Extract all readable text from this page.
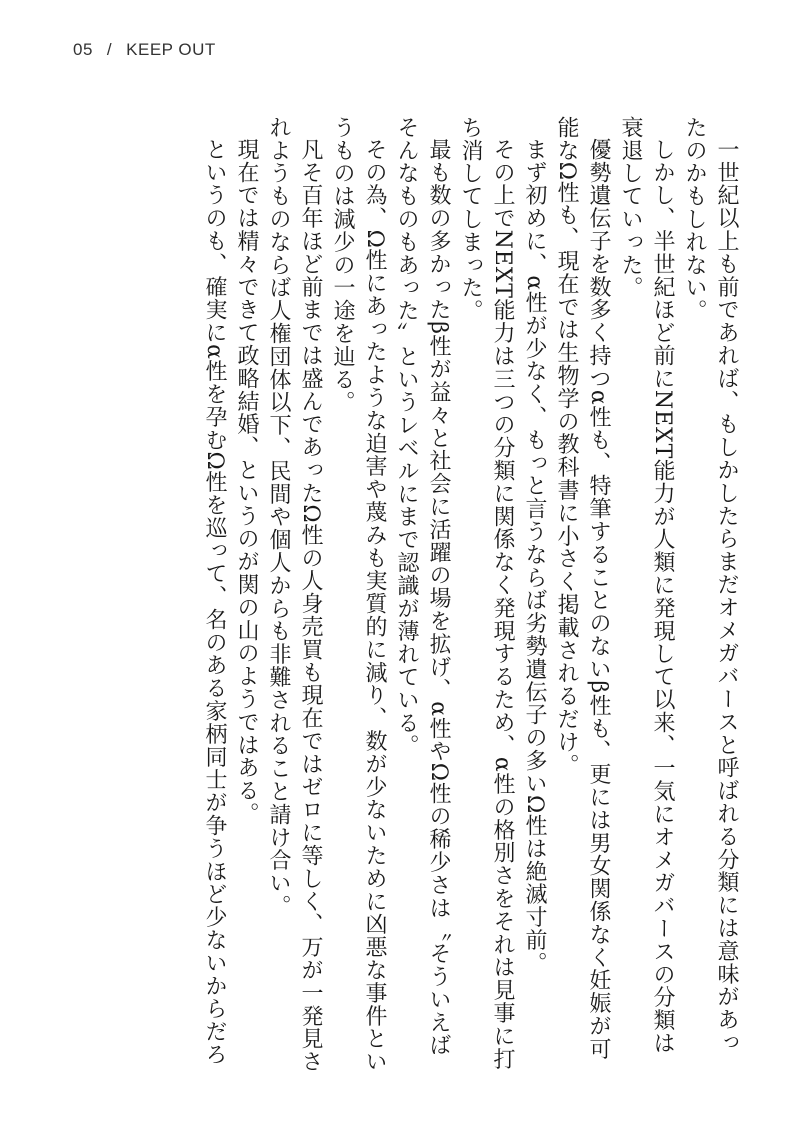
05 / KEEP OUT

一世紀以上も前であれば、もしかしたらまだオメガバースと呼ばれる分類には意味があったのかもしれない。

しかし、半世紀ほど前にNEXT能力が人類に発現して以来、一気にオメガバースの分類は衰退していった。

優勢遺伝子を数多く持つα性も、特筆することのないβ性も、更には男女関係なく妊娠が可能なΩ性も、現在では生物学の教科書に小さく掲載されるだけ。

まず初めに、α性が少なく、もっと言うならば劣勢遺伝子の多いΩ性は絶滅寸前。

その上でNEXT能力は三つの分類に関係なく発現するため、α性の格別さをそれは見事に打ち消してしまった。

最も数の多かったβ性が益々と社会に活躍の場を拡げ、α性やΩ性の稀少さは〝そういえばそんなものもあった〟というレベルにまで認識が薄れている。

その為、Ω性にあったような迫害や蔑みも実質的に減り、数が少ないために凶悪な事件というものは減少の一途を辿る。

凡そ百年ほど前までは盛んであったΩ性の人身売買も現在ではゼロに等しく、万が一発見されようものならば人権団体以下、民間や個人からも非難されること請け合い。

現在では精々できて政略結婚、というのが関の山のようではある。

というのも、確実にα性を孕むΩ性を巡って、名のある家柄同士が争うほど少ないからだろ
